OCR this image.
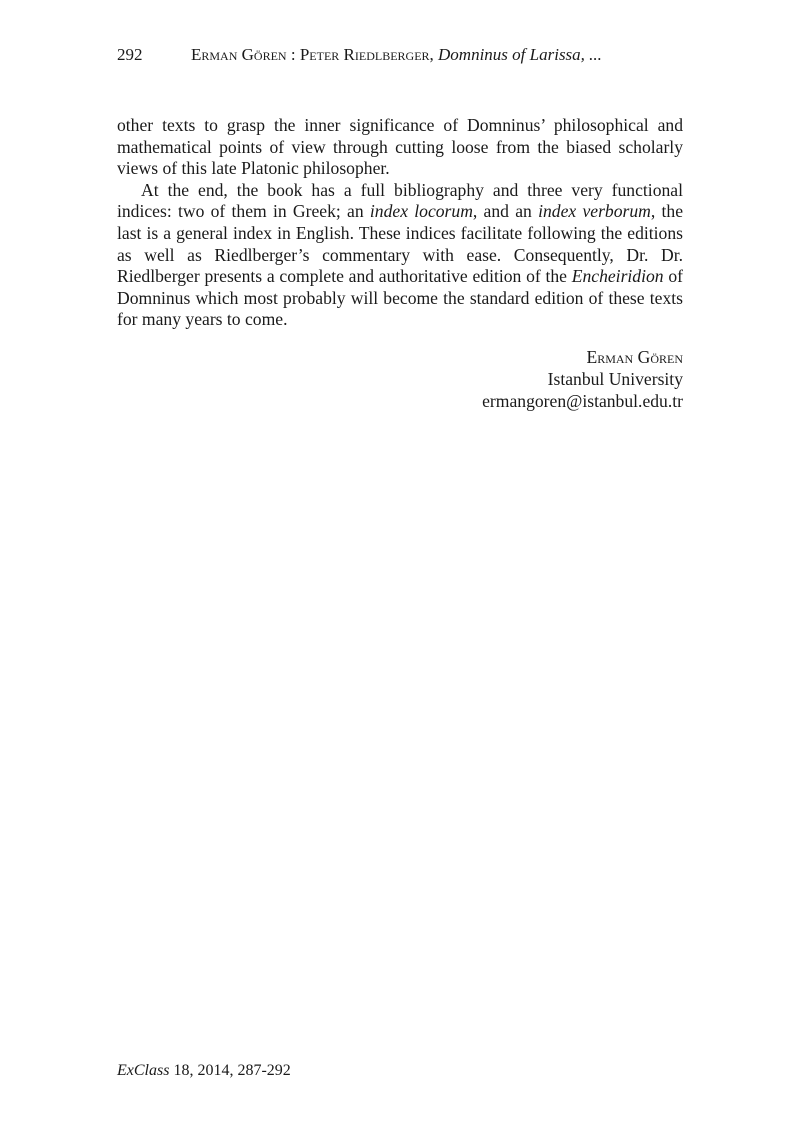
292	Erman Gören : Peter Riedlberger, Domninus of Larissa, ...

other texts to grasp the inner significance of Domninus’ philosophical and mathematical points of view through cutting loose from the biased scholarly views of this late Platonic philosopher.

At the end, the book has a full bibliography and three very functional indices: two of them in Greek; an index locorum, and an index verborum, the last is a general index in English. These indices facilitate following the editions as well as Riedlberger’s commentary with ease. Consequently, Dr. Dr. Riedlberger presents a complete and authoritative edition of the Encheiridion of Domninus which most probably will become the standard edition of these texts for many years to come.

Erman Gören
Istanbul University
ermangoren@istanbul.edu.tr
ExClass 18, 2014, 287-292
